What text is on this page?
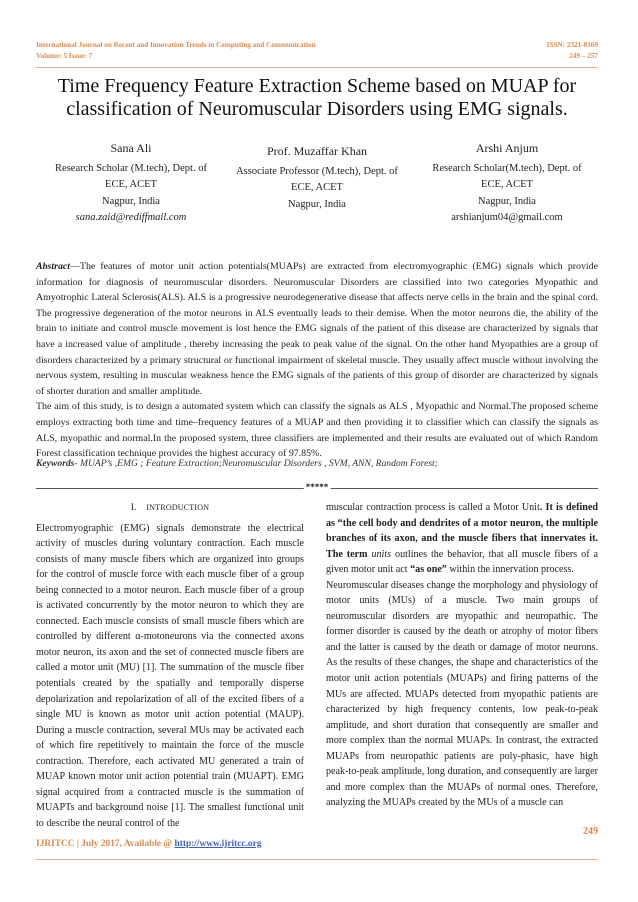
International Journal on Recent and Innovation Trends in Computing and Communication
Volume: 5 Issue: 7
ISSN: 2321-8169
249 – 257
Time Frequency Feature Extraction Scheme based on MUAP for classification of Neuromuscular Disorders using EMG signals.
Sana Ali
Research Scholar (M.tech), Dept. of
ECE, ACET
Nagpur, India
sana.zaid@rediffmail.com
Prof. Muzaffar Khan
Associate Professor (M.tech), Dept. of
ECE, ACET
Nagpur, India
Arshi Anjum
Research Scholar(M.tech), Dept. of
ECE, ACET
Nagpur, India
arshianjum04@gmail.com

Abstract—The features of motor unit action potentials(MUAPs) are extracted from electromyographic (EMG) signals which provide information for diagnosis of neuromuscular disorders. Neuromuscular Disorders are classified into two categories Myopathic and Amyotrophic Lateral Sclerosis(ALS). ALS is a progressive neurodegenerative disease that affects nerve cells in the brain and the spinal cord. The progressive degeneration of the motor neurons in ALS eventually leads to their demise. When the motor neurons die, the ability of the brain to initiate and control muscle movement is lost hence the EMG signals of the patient of this disease are characterized by signals that have a increased value of amplitude , thereby increasing the peak to peak value of the signal. On the other hand Myopathies are a group of disorders characterized by a primary structural or functional impairment of skeletal muscle. They usually affect muscle without involving the nervous system, resulting in muscular weakness hence the EMG signals of the patients of this group of disorder are characterized by signals of shorter duration and smaller amplitude.

The aim of this study, is to design a automated system which can classify the signals as ALS , Myopathic and Normal.The proposed scheme employs extracting both time and time–frequency features of a MUAP and then providing it to classifier which can classify the signals as ALS, myopathic and normal.In the proposed system, three classifiers are implemented and their results are evaluated out of which Random Forest classification technique provides the highest accuracy of 97.85%.

Keywords- MUAP’s ,EMG ; Feature Extraction;Neuromuscular Disorders , SVM, ANN, Random Forest;
*****
I. INTRODUCTION

Electromyographic (EMG) signals demonstrate the electrical activity of muscles during voluntary contraction. Each muscle consists of many muscle fibers which are organized into groups for the control of muscle force with each muscle fiber of a group being connected to a motor neuron. Each muscle fiber of a group is activated concurrently by the motor neuron to which they are connected. Each muscle consists of small muscle fibers which are controlled by different α-motoneurons via the connected axons motor neuron, its axon and the set of connected muscle fibers are called a motor unit (MU) [1]. The summation of the muscle fiber potentials created by the spatially and temporally disperse depolarization and repolarization of all of the excited fibers of a single MU is known as motor unit action potential (MAUP). During a muscle contraction, several MUs may be activated each of which fire repetitively to maintain the force of the muscle contraction. Therefore, each activated MU generated a train of MUAP known motor unit action potential train (MUAPT). EMG signal acquired from a contracted muscle is the summation of MUAPTs and background noise [1]. The smallest functional unit to describe the neural control of the

muscular contraction process is called a Motor Unit. It is defined as “the cell body and dendrites of a motor neuron, the multiple branches of its axon, and the muscle fibers that innervates it. The term units outlines the behavior, that all muscle fibers of a given motor unit act “as one” within the innervation process.

Neuromuscular diseases change the morphology and physiology of motor units (MUs) of a muscle. Two main groups of neuromuscular disorders are myopathic and neuropathic. The former disorder is caused by the death or atrophy of motor fibers and the latter is caused by the death or damage of motor neurons. As the results of these changes, the shape and characteristics of the motor unit action potentials (MUAPs) and firing patterns of the MUs are affected. MUAPs detected from myopathic patients are characterized by high frequency contents, low peak-to-peak amplitude, and short duration that consequently are smaller and more complex than the normal MUAPs. In contrast, the extracted MUAPs from neuropathic patients are poly-phasic, have high peak-to-peak amplitude, long duration, and consequently are larger and more complex than the MUAPs of normal ones. Therefore, analyzing the MUAPs created by the MUs of a muscle can

249
IJRITCC | July 2017, Available @ http://www.ijritcc.org
